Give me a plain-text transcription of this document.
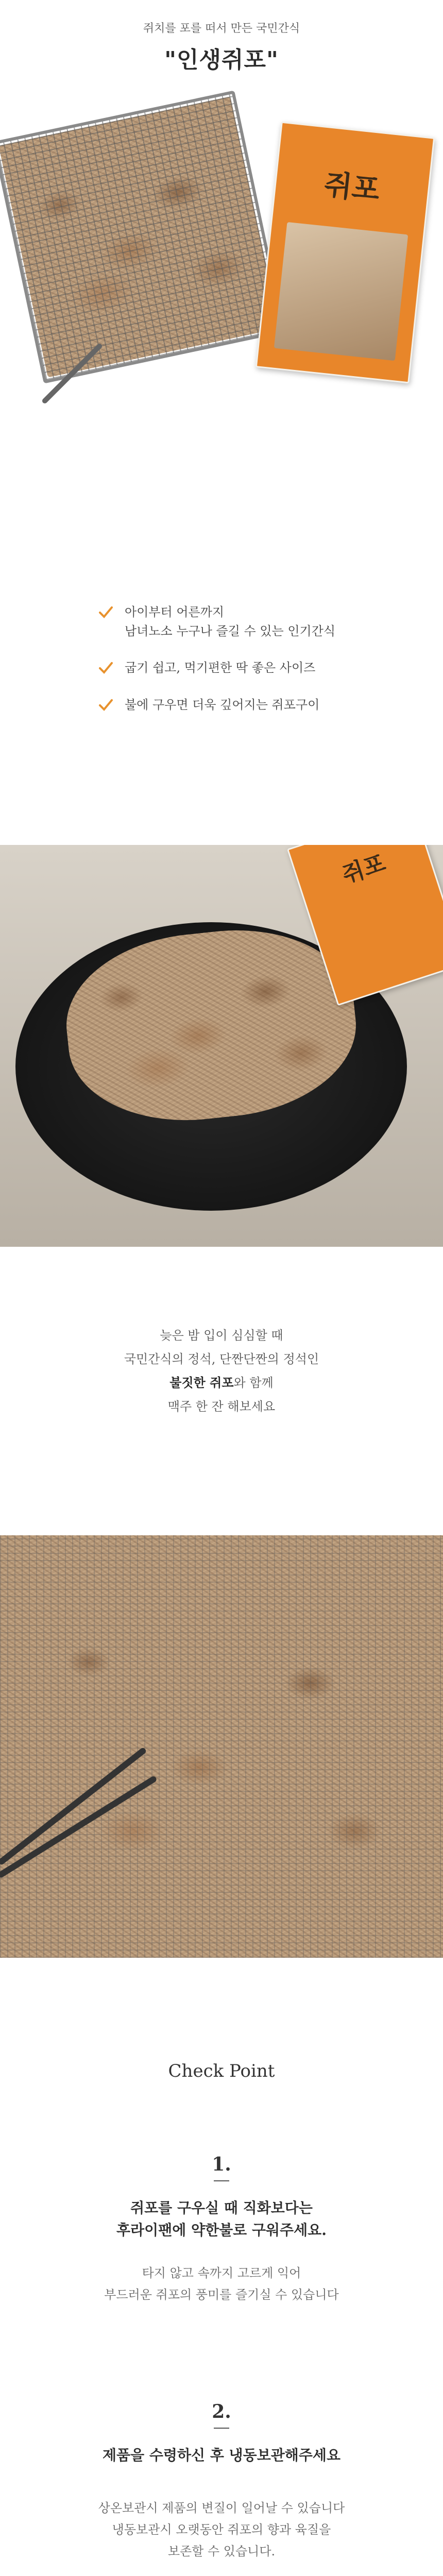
쥐치를 포를 떠서 만든 국민간식
"인생쥐포"
쥐포
아이부터 어른까지
남녀노소 누구나 즐길 수 있는 인기간식
굽기 쉽고, 먹기편한 딱 좋은 사이즈
불에 구우면 더욱 깊어지는 쥐포구이
쥐포
늦은 밤 입이 심심할 때
국민간식의 정석, 단짠단짠의 정석인
불짓한 쥐포와 함께
맥주 한 잔 해보세요
Check Point
1.
쥐포를 구우실 때 직화보다는
후라이팬에 약한불로 구워주세요.
타지 않고 속까지 고르게 익어
부드러운 쥐포의 풍미를 즐기실 수 있습니다
2.
제품을 수령하신 후 냉동보관해주세요
상온보관시 제품의 변질이 일어날 수 있습니다
냉동보관시 오랫동안 쥐포의 향과 육질을
보존할 수 있습니다.
